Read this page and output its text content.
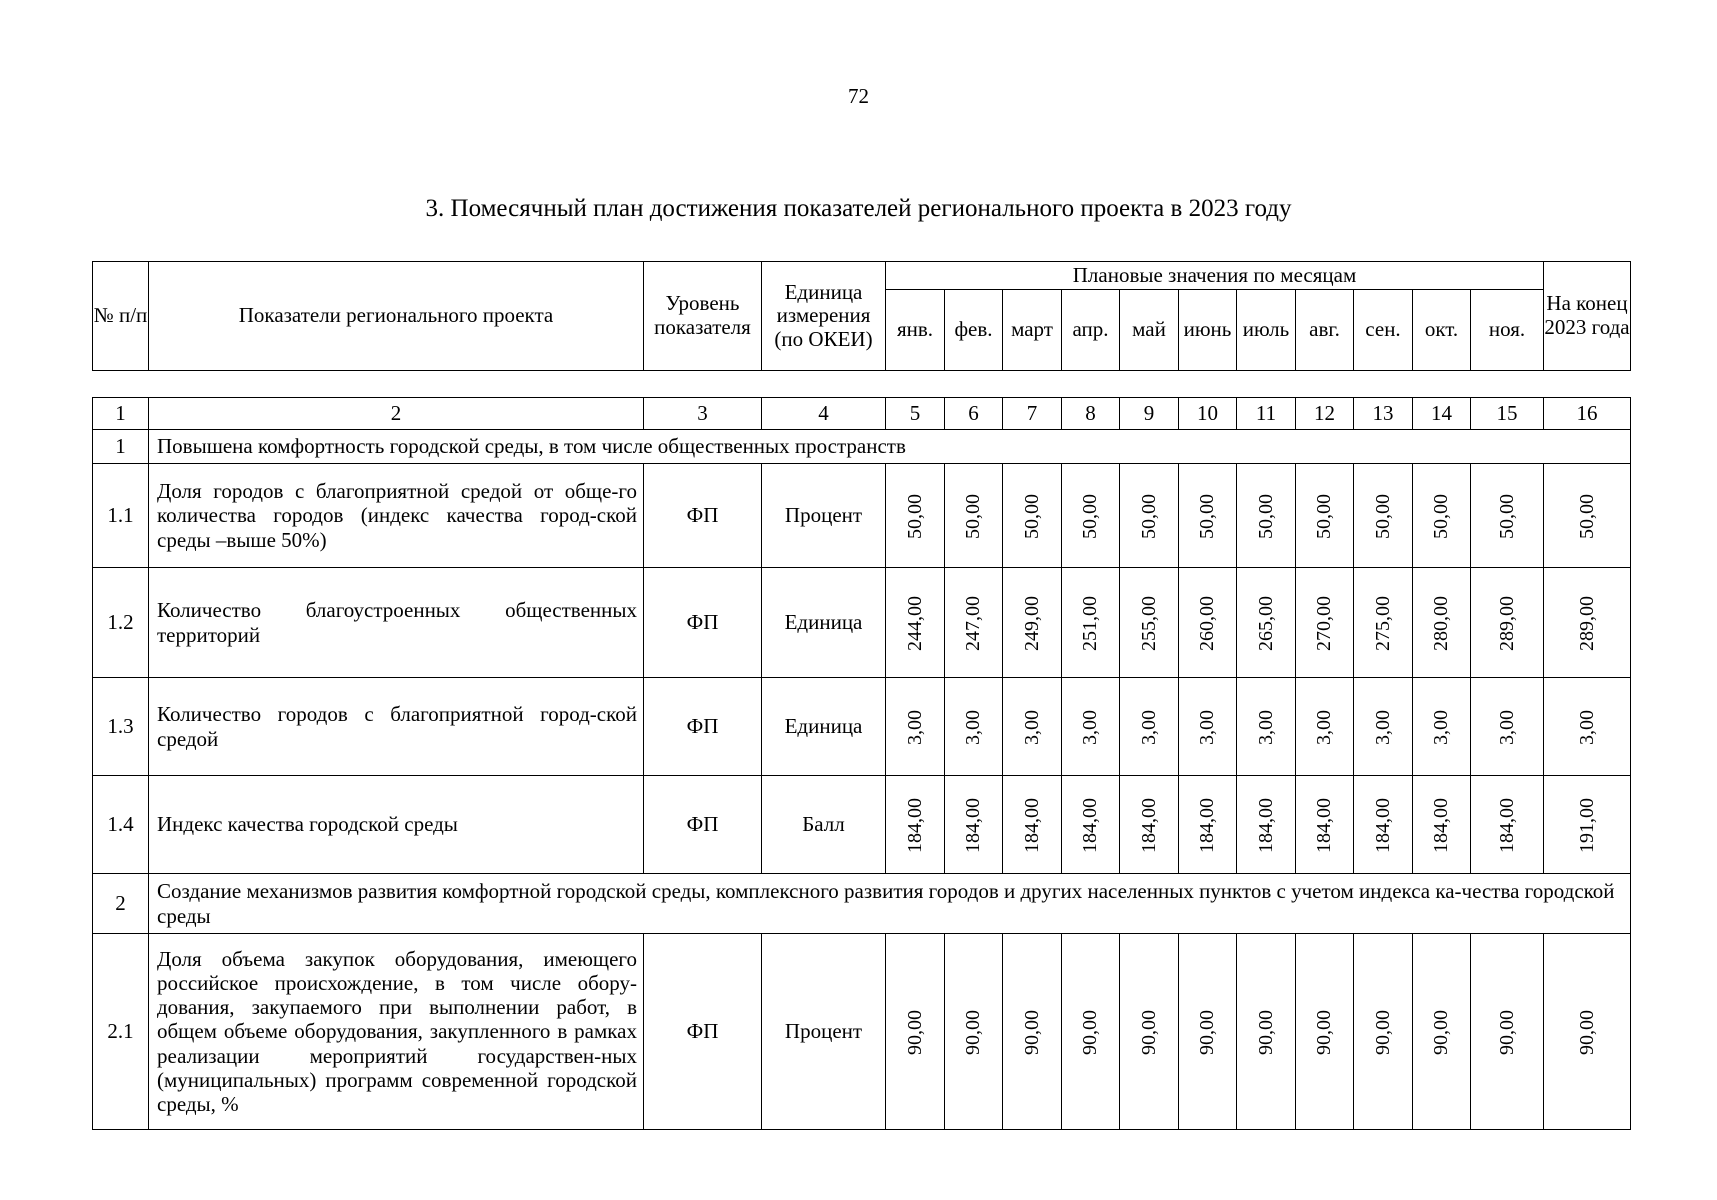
72
3. Помесячный план достижения показателей регионального проекта в 2023 году
№ п/п	Показатели регионального проекта	Уровень показателя	Единица измерения (по ОКЕИ)	Плановые значения по месяцам											На конец 2023 года
				янв.	фев.	март	апр.	май	июнь	июль	авг.	сен.	окт.	ноя.	
1	2	3	4	5	6	7	8	9	10	11	12	13	14	15	16
1	Повышена комфортность городской среды, в том числе общественных пространств														
1.1	Доля городов с благоприятной средой от обще-го количества городов (индекс качества город-ской среды –выше 50%)	ФП	Процент	50,00	50,00	50,00	50,00	50,00	50,00	50,00	50,00	50,00	50,00	50,00	50,00
1.2	Количество благоустроенных общественных территорий	ФП	Единица	244,00	247,00	249,00	251,00	255,00	260,00	265,00	270,00	275,00	280,00	289,00	289,00
1.3	Количество городов с благоприятной город-ской средой	ФП	Единица	3,00	3,00	3,00	3,00	3,00	3,00	3,00	3,00	3,00	3,00	3,00	3,00
1.4	Индекс качества городской среды	ФП	Балл	184,00	184,00	184,00	184,00	184,00	184,00	184,00	184,00	184,00	184,00	184,00	191,00
2	Создание механизмов развития комфортной городской среды, комплексного развития городов и других населенных пунктов с учетом индекса ка-чества городской среды														
2.1	Доля объема закупок оборудования, имеющего российское происхождение, в том числе обору-дования, закупаемого при выполнении работ, в общем объеме оборудования, закупленного в рамках реализации мероприятий государствен-ных (муниципальных) программ современной городской среды, %	ФП	Процент	90,00	90,00	90,00	90,00	90,00	90,00	90,00	90,00	90,00	90,00	90,00	90,00
